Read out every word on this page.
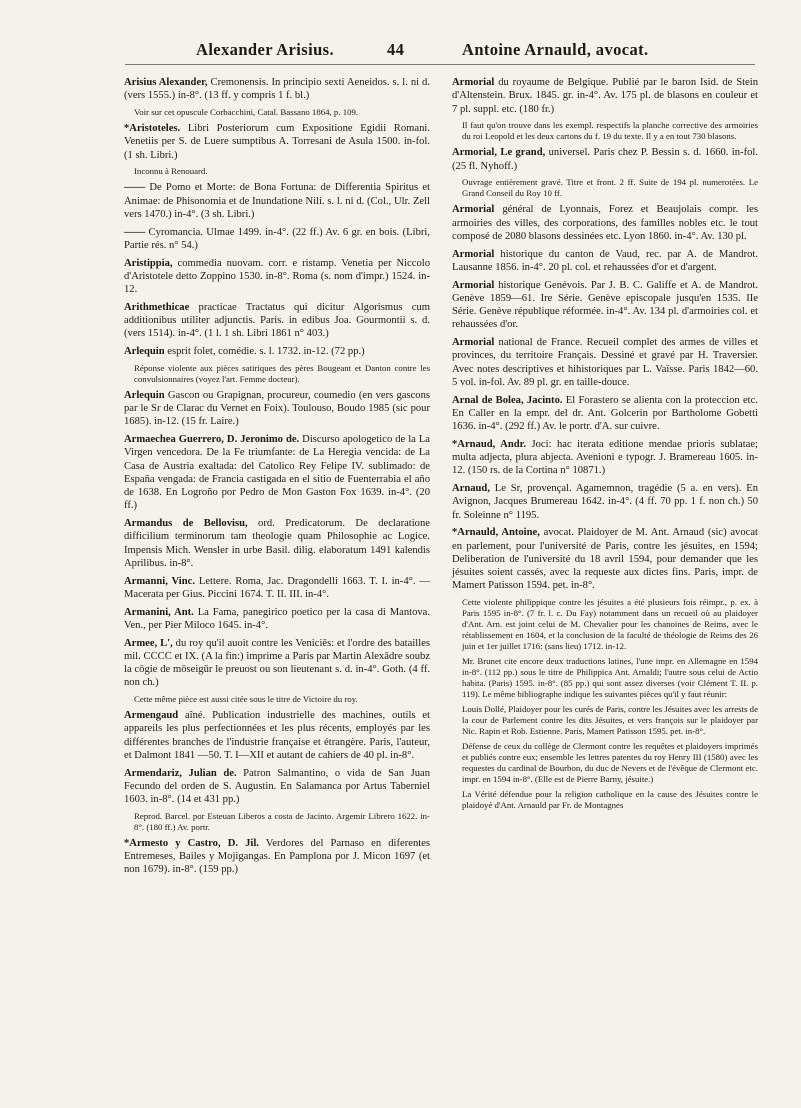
Alexander Arisius.	44	Antoine Arnauld, avocat.

Arisius Alexander, Cremonensis. In principio sexti Aeneidos. s. l. ni d. (vers 1555.) in-8°. (13 ff. y compris 1 f. bl.)

Voir sur cet opuscule Corbacchini, Catal. Bassano 1864, p. 109.

*Aristoteles. Libri Posteriorum cum Expositione Egidii Romani. Venetiis per S. de Luere sumptibus A. Torresani de Asula 1500. in-fol. (1 sh. Libri.)

Inconnu à Renouard.

—— De Pomo et Morte: de Bona Fortuna: de Differentia Spiritus et Animae: de Phisonomia et de Inundatione Nili. s. l. ni d. (Col., Ulr. Zell vers 1470.) in-4°. (3 sh. Libri.)

—— Cyromancia. Ulmae 1499. in-4°. (22 ff.) Av. 6 gr. en bois. (Libri, Partie rés. n° 54.)

Aristippia, commedia nuovam. corr. e ristamp. Venetia per Niccolo d'Aristotele detto Zoppino 1530. in-8°. Roma (s. nom d'impr.) 1524. in-12.

Arithmethicae practicae Tractatus qui dicitur Algorismus cum additionibus utiliter adjunctis. Paris. in edibus Joa. Gourmontii s. d. (vers 1514). in-4°. (1 l. 1 sh. Libri 1861 n° 403.)

Arlequin esprit folet, comédie. s. l. 1732. in-12. (72 pp.)

Réponse violente aux pièces satiriques des pères Bougeant et Danton contre les convulsionnaires (voyez l'art. Femme docteur).

Arlequin Gascon ou Grapignan, procureur, coumedio (en vers gascons par le Sr de Clarac du Vernet en Foix). Toulouso, Boudo 1985 (sic pour 1685). in-12. (15 fr. Laire.)

Armaechea Guerrero, D. Jeronimo de. Discurso apologetico de la La Virgen vencedora. De la Fe triumfante: de La Heregia vencida: de La Casa de Austria exaltada: del Catolico Rey Felipe IV. sublimado: de España vengada: de Francia castigada en el sitio de Fuenterrabia el año de 1638. En Logroño por Pedro de Mon Gaston Fox 1639. in-4°. (20 ff.)

Armandus de Bellovisu, ord. Predicatorum. De declaratione difficilium terminorum tam theologie quam Philosophie ac Logice. Impensis Mich. Wensler in urbe Basil. dilig. elaboratum 1491 kalendis Aprilibus. in-8°.

Armanni, Vinc. Lettere. Roma, Jac. Dragondelli 1663. T. I. in-4°. — Macerata per Gius. Piccini 1674. T. II. III. in-4°.

Armanini, Ant. La Fama, panegirico poetico per la casa di Mantova. Ven., per Pier Miloco 1645. in-4°.

Armee, L', du roy qu'il auoit contre les Veniciēs: et l'ordre des batailles mil. CCCC et IX. (A la fin:) imprime a Paris par Martin Alexādre soubz la cōgie de mōseigūr le preuost ou son lieutenant s. d. in-4°. Goth. (4 ff. non ch.)

Cette même pièce est aussi citée sous le titre de Victoire du roy.

Armengaud aîné. Publication industrielle des machines, outils et appareils les plus perfectionnées et les plus récents, employés par les différentes branches de l'industrie française et étrangère. Paris, l'auteur, et Dalmont 1841 —50. T. I—XII et autant de cahiers de 40 pl. in-8°.

Armendariz, Julian de. Patron Salmantino, o vida de San Juan Fecundo del orden de S. Augustin. En Salamanca por Artus Taberniel 1603. in-8°. (14 et 431 pp.)

Reprod. Barcel. por Esteuan Liberos a costa de Jacinto. Argemir Librero 1622. in-8°. (180 ff.) Av. portr.

*Armesto y Castro, D. Jil. Verdores del Parnaso en diferentes Entremeses, Bailes y Mojigangas. En Pamplona por J. Micon 1697 (et non 1679). in-8°. (159 pp.)

Armorial du royaume de Belgique. Publié par le baron Isid. de Stein d'Altenstein. Brux. 1845. gr. in-4°. Av. 175 pl. de blasons en couleur et 7 pl. suppl. etc. (180 fr.)

Il faut qu'on trouve dans les exempl. respectifs la planche corrective des armoiries du roi Leopold et les deux cartons du f. 19 du texte. Il y a en tout 730 blasons.

Armorial, Le grand, universel. Paris chez P. Bessin s. d. 1660. in-fol. (25 fl. Nyhoff.)

Ouvrage entièrement gravé. Titre et front. 2 ff. Suite de 194 pl. numerotées. Le Grand Conseil du Roy 10 ff.

Armorial général de Lyonnais, Forez et Beaujolais compr. les armoiries des villes, des corporations, des familles nobles etc. le tout composé de 2080 blasons dessinées etc. Lyon 1860. in-4°. Av. 130 pl.

Armorial historique du canton de Vaud, rec. par A. de Mandrot. Lausanne 1856. in-4°. 20 pl. col. et rehaussées d'or et d'argent.

Armorial historique Genévois. Par J. B. C. Galiffe et A. de Mandrot. Genève 1859—61. Ire Série. Genève episcopale jusqu'en 1535. IIe Série. Genève république réformée. in-4°. Av. 134 pl. d'armoiries col. et rehaussées d'or.

Armorial national de France. Recueil complet des armes de villes et provinces, du territoire Français. Dessiné et gravé par H. Traversier. Avec notes descriptives et hihistoriques par L. Vaïsse. Paris 1842—60. 5 vol. in-fol. Av. 89 pl. gr. en taille-douce.

Arnal de Bolea, Jacinto. El Forastero se alienta con la proteccion etc. En Caller en la empr. del dr. Ant. Golcerin por Bartholome Gobetti 1636. in-4°. (292 ff.) Av. le portr. d'A. sur cuivre.

*Arnaud, Andr. Joci: hac iterata editione mendae prioris sublatae; multa adjecta, plura abjecta. Avenioni e typogr. J. Bramereau 1605. in-12. (150 rs. de la Cortina n° 10871.)

Arnaud, Le Sr, provençal. Agamemnon, tragédie (5 a. en vers). En Avignon, Jacques Brumereau 1642. in-4°. (4 ff. 70 pp. 1 f. non ch.) 50 fr. Soleinne n° 1195.

*Arnauld, Antoine, avocat. Plaidoyer de M. Ant. Arnaud (sic) avocat en parlement, pour l'université de Paris, contre les jésuites, en 1594; Deliberation de l'université du 18 avril 1594, pour demander que les jésuites soient cassés, avec la requeste aux dictes fins. Paris, impr. de Mamert Patisson 1594. pet. in-8°.

Cette violente philippique contre les jésuites a été plusieurs fois réimpr., p. ex. à Paris 1595 in-8°. (7 fr. l. c. Du Fay) notamment dans un recueil où au plaidoyer d'Ant. Arn. est joint celui de M. Chevalier pour les chanoines de Reims, avec le rétablissement en 1604, et la conclusion de la faculté de théologie de Reims des 26 juin et 1er juillet 1716: (sans lieu) 1712. in-12.

Mr. Brunet cite encore deux traductions latines, l'une impr. en Allemagne en 1594 in-8°. (112 pp.) sous le titre de Philippica Ant. Arnaldi; l'autre sous celui de Actio habita. (Paris) 1595. in-8°. (85 pp.) qui sont assez diverses (voir Clément T. II. p. 119). Le même bibliographe indique les suivantes pièces qu'il y faut réunir:

Louis Dollé, Plaidoyer pour les curés de Paris, contre les Jésuites avec les arrests de la cour de Parlement contre les dits Jésuites, et vers françois sur le plaidoyer par Nic. Rapin et Rob. Estienne. Paris, Mamert Patisson 1595. pet. in-8°.

Défense de ceux du collège de Clermont contre les requêtes et plaidoyers imprimés et publiés contre eux; ensemble les lettres patentes du roy Henry III (1580) avec les requestes du cardinal de Bourbon, du duc de Nevers et de l'évêque de Clermont etc. impr. en 1594 in-8°. (Elle est de Pierre Barny, jésuite.)

La Vérité défendue pour la religion catholique en la cause des Jésuites contre le plaidoyé d'Ant. Arnauld par Fr. de Montagnes
